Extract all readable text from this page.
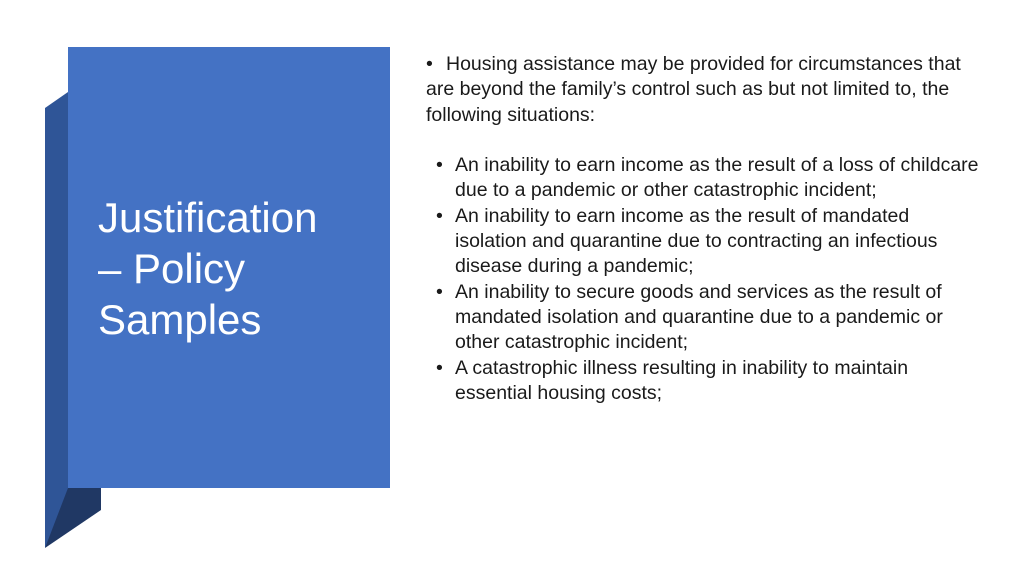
Justification
– Policy
Samples

• Housing assistance may be provided for circumstances that are beyond the family’s control such as but not limited to, the following situations:

• An inability to earn income as the result of a loss of childcare due to a pandemic or other catastrophic incident;
• An inability to earn income as the result of mandated isolation and quarantine due to contracting an infectious disease during a pandemic;
• An inability to secure goods and services as the result of mandated isolation and quarantine due to a pandemic or other catastrophic incident;
• A catastrophic illness resulting in inability to maintain essential housing costs;
